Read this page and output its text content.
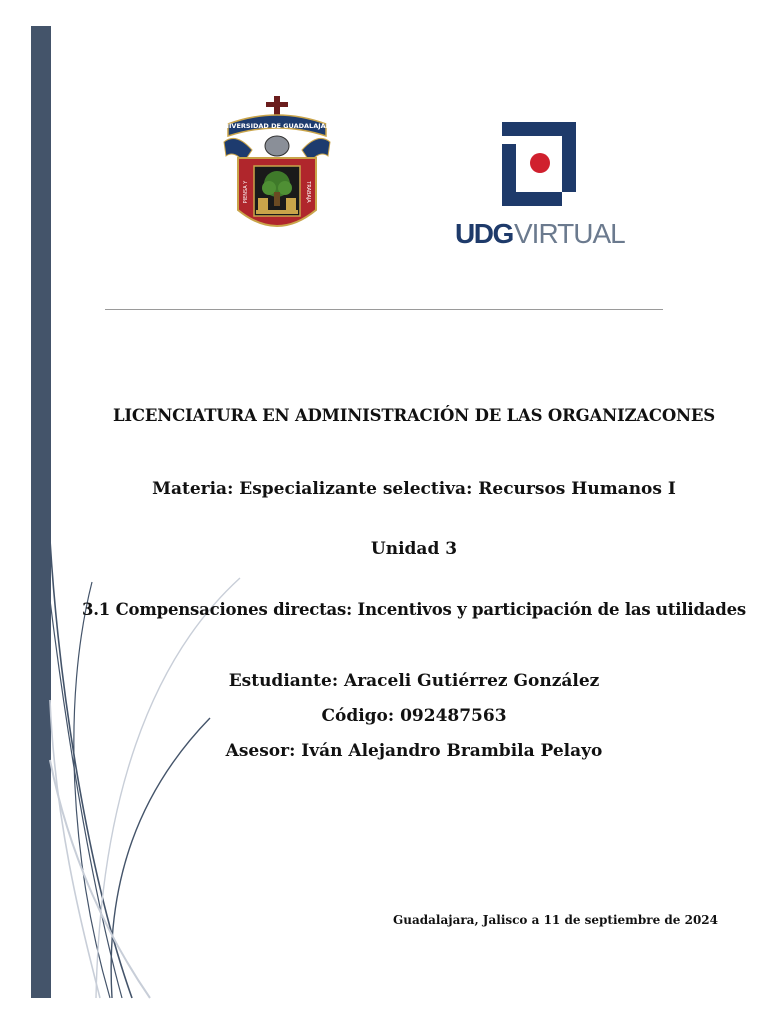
UNIVERSIDAD DE GUADALAJARA
PIENSA Y	TRABAJA
UDG VIRTUAL
LICENCIATURA EN ADMINISTRACIÓN DE LAS ORGANIZACONES
Materia: Especializante selectiva: Recursos Humanos I
Unidad 3
3.1 Compensaciones directas: Incentivos y participación de las utilidades
Estudiante: Araceli Gutiérrez González
Código: 092487563
Asesor: Iván Alejandro Brambila Pelayo
Guadalajara, Jalisco a 11 de septiembre de 2024
